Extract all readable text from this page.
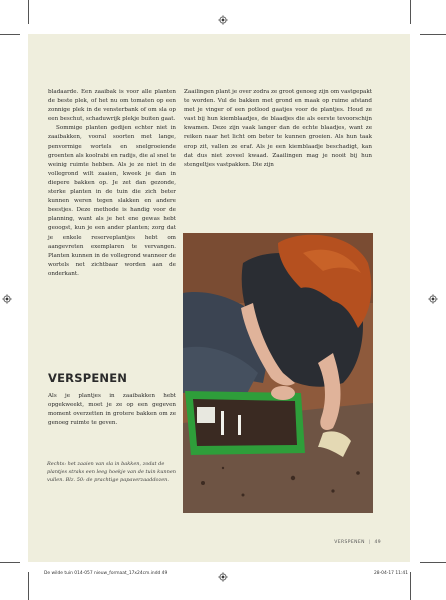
bladaarde. Een zaaibak is voor alle planten de beste plek, of het nu om tomaten op een zonnige plek in de vensterbank of om sla op een beschut, schaduwrijk plekje buiten gaat.

Sommige planten gedijen echter niet in zaaibakken, vooral soorten met lange, penvormige wortels en snelgroeiende groenten als koolrabi en radijs, die al snel te weinig ruimte hebben. Als je ze niet in de vollegrond wilt zaaien, kweek je dan in diepere bakken op. Je zet dan gezonde, sterke planten in de tuin die zich beter kunnen weren tegen slakken en andere beestjes. Deze methode is handig voor de planning, want als je het ene gewas hebt geoogst, kun je een ander planten; zorg dat je enkele reserveplantjes hebt om aangevreten exemplaren te vervangen. Planten kunnen in de vollegrond wanneer de wortels net zichtbaar worden aan de onderkant.

Zaailingen plant je over zodra ze groot genoeg zijn om vastgepakt te worden. Vul de bakken met grond en maak op ruime afstand met je vinger of een potlood gaatjes voor de plantjes. Houd ze vast bij hun kiemblaadjes, de blaadjes die als eerste tevoorschijn kwamen. Deze zijn vaak langer dan de echte blaadjes, want ze reiken naar het licht om beter te kunnen groeien. Als hun taak erop zit, vallen ze eraf. Als je een kiemblaadje beschadigt, kan dat dus niet zoveel kwaad. Zaailingen mag je nooit bij hun stengeltjes vastpakken. Die zijn

VERSPENEN

Als je plantjes in zaaibakken hebt opgekweekt, moet je ze op een gegeven moment overzetten in grotere bakken om ze genoeg ruimte te geven.

Rechts: het zaaien van sla in bakken, zodat de plantjes straks een leeg hoekje van de tuin kunnen vullen. Blz. 50: de prachtige papaverzaaddozen.
VERSPENEN | 49
De wilde tuin 014-057 nieuw_formaat_17x24cm.indd 49	28-04-17 11:41
